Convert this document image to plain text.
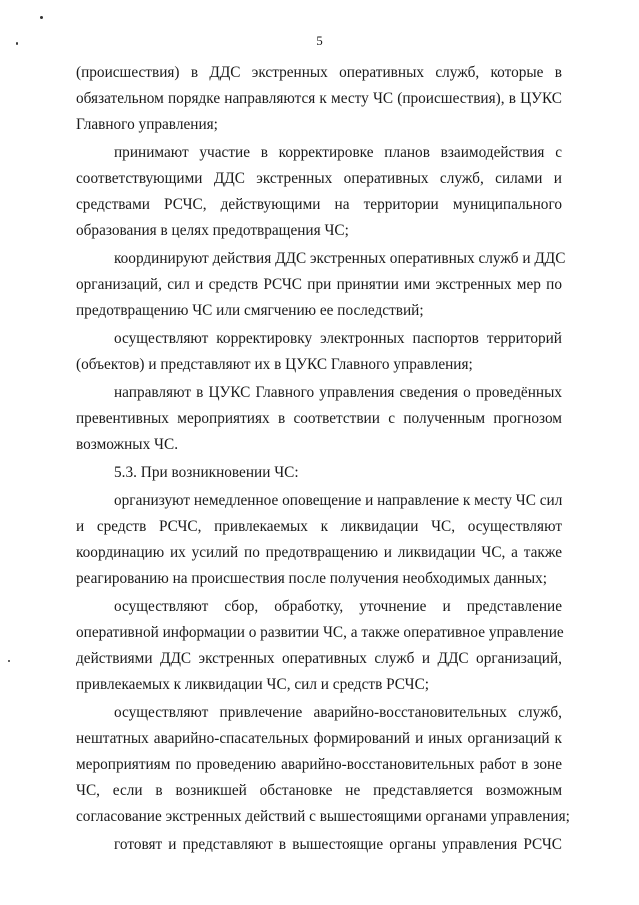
5

(происшествия) в ДДС экстренных оперативных служб, которые в
обязательном порядке направляются к месту ЧС (происшествия), в ЦУКС
Главного управления;

принимают участие в корректировке планов взаимодействия с
соответствующими ДДС экстренных оперативных служб, силами и
средствами РСЧС, действующими на территории муниципального
образования в целях предотвращения ЧС;

координируют действия ДДС экстренных оперативных служб и ДДС
организаций, сил и средств РСЧС при принятии ими экстренных мер по
предотвращению ЧС или смягчению ее последствий;

осуществляют корректировку электронных паспортов территорий
(объектов) и представляют их в ЦУКС Главного управления;

направляют в ЦУКС Главного управления сведения о проведённых
превентивных мероприятиях в соответствии с полученным прогнозом
возможных ЧС.

5.3. При возникновении ЧС:

организуют немедленное оповещение и направление к месту ЧС сил
и средств РСЧС, привлекаемых к ликвидации ЧС, осуществляют
координацию их усилий по предотвращению и ликвидации ЧС, а также
реагированию на происшествия после получения необходимых данных;

осуществляют сбор, обработку, уточнение и представление
оперативной информации о развитии ЧС, а также оперативное управление
действиями ДДС экстренных оперативных служб и ДДС организаций,
привлекаемых к ликвидации ЧС, сил и средств РСЧС;

осуществляют привлечение аварийно-восстановительных служб,
нештатных аварийно-спасательных формирований и иных организаций к
мероприятиям по проведению аварийно-восстановительных работ в зоне
ЧС, если в возникшей обстановке не представляется возможным
согласование экстренных действий с вышестоящими органами управления;

готовят и представляют в вышестоящие органы управления РСЧС
